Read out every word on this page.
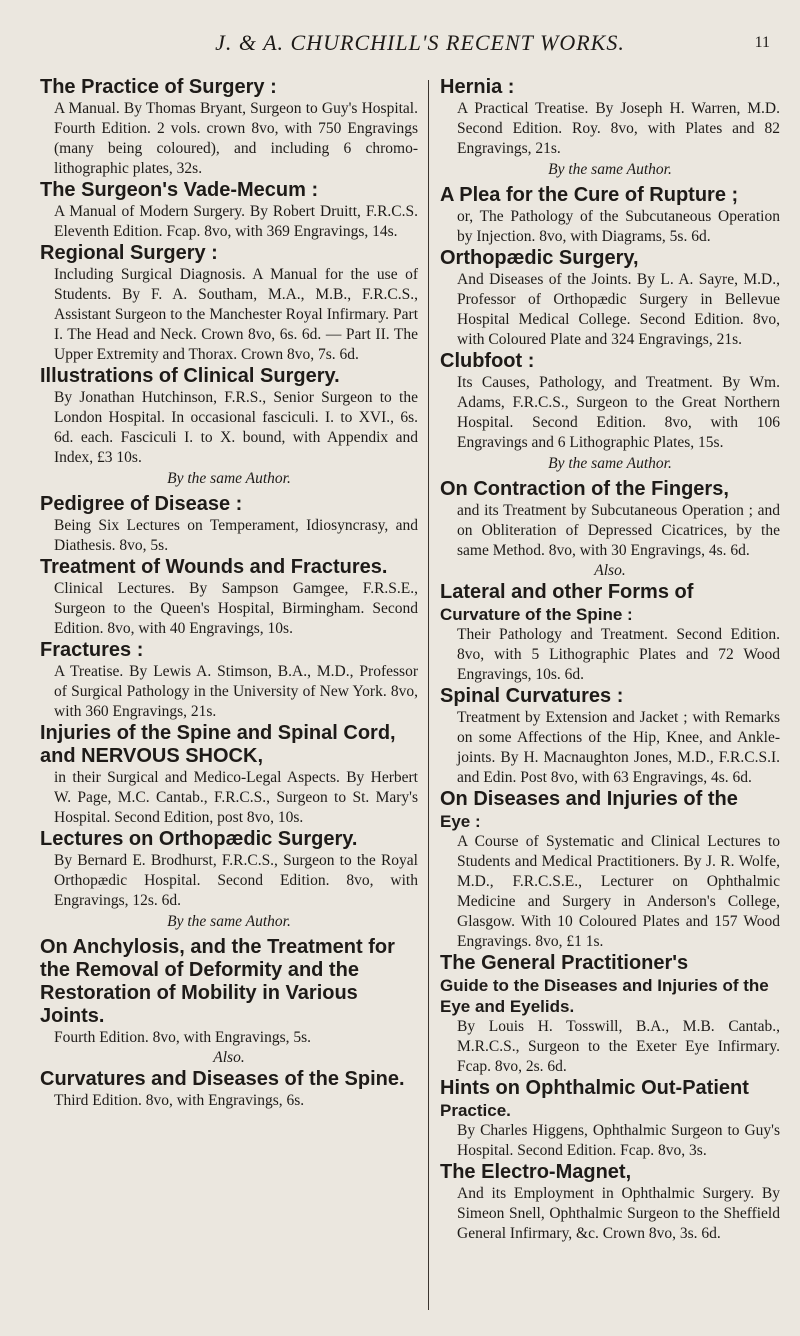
J. & A. CHURCHILL'S RECENT WORKS.	11
The Practice of Surgery :

A Manual. By Thomas Bryant, Surgeon to Guy's Hospital. Fourth Edition. 2 vols. crown 8vo, with 750 Engravings (many being coloured), and including 6 chromo-lithographic plates, 32s.

The Surgeon's Vade-Mecum :

A Manual of Modern Surgery. By Robert Druitt, F.R.C.S. Eleventh Edition. Fcap. 8vo, with 369 Engravings, 14s.

Regional Surgery :

Including Surgical Diagnosis. A Manual for the use of Students. By F. A. Southam, M.A., M.B., F.R.C.S., Assistant Surgeon to the Manchester Royal Infirmary. Part I. The Head and Neck. Crown 8vo, 6s. 6d. — Part II. The Upper Extremity and Thorax. Crown 8vo, 7s. 6d.

Illustrations of Clinical Surgery.

By Jonathan Hutchinson, F.R.S., Senior Surgeon to the London Hospital. In occasional fasciculi. I. to XVI., 6s. 6d. each. Fasciculi I. to X. bound, with Appendix and Index, £3 10s.

By the same Author.

Pedigree of Disease :

Being Six Lectures on Temperament, Idiosyncrasy, and Diathesis. 8vo, 5s.

Treatment of Wounds and Fractures.

Clinical Lectures. By Sampson Gamgee, F.R.S.E., Surgeon to the Queen's Hospital, Birmingham. Second Edition. 8vo, with 40 Engravings, 10s.

Fractures :

A Treatise. By Lewis A. Stimson, B.A., M.D., Professor of Surgical Pathology in the University of New York. 8vo, with 360 Engravings, 21s.

Injuries of the Spine and Spinal Cord, and NERVOUS SHOCK,

in their Surgical and Medico-Legal Aspects. By Herbert W. Page, M.C. Cantab., F.R.C.S., Surgeon to St. Mary's Hospital. Second Edition, post 8vo, 10s.

Lectures on Orthopædic Surgery.

By Bernard E. Brodhurst, F.R.C.S., Surgeon to the Royal Orthopædic Hospital. Second Edition. 8vo, with Engravings, 12s. 6d.

By the same Author.

On Anchylosis, and the Treatment for the Removal of Deformity and the Restoration of Mobility in Various Joints.

Fourth Edition. 8vo, with Engravings, 5s.

Also.

Curvatures and Diseases of the Spine.

Third Edition. 8vo, with Engravings, 6s.

Hernia :

A Practical Treatise. By Joseph H. Warren, M.D. Second Edition. Roy. 8vo, with Plates and 82 Engravings, 21s.

By the same Author.

A Plea for the Cure of Rupture ;

or, The Pathology of the Subcutaneous Operation by Injection. 8vo, with Diagrams, 5s. 6d.

Orthopædic Surgery,

And Diseases of the Joints. By L. A. Sayre, M.D., Professor of Orthopædic Surgery in Bellevue Hospital Medical College. Second Edition. 8vo, with Coloured Plate and 324 Engravings, 21s.

Clubfoot :

Its Causes, Pathology, and Treatment. By Wm. Adams, F.R.C.S., Surgeon to the Great Northern Hospital. Second Edition. 8vo, with 106 Engravings and 6 Lithographic Plates, 15s.

By the same Author.

On Contraction of the Fingers,

and its Treatment by Subcutaneous Operation ; and on Obliteration of Depressed Cicatrices, by the same Method. 8vo, with 30 Engravings, 4s. 6d.

Also.

Lateral and other Forms of
Curvature of the Spine :

Their Pathology and Treatment. Second Edition. 8vo, with 5 Lithographic Plates and 72 Wood Engravings, 10s. 6d.

Spinal Curvatures :

Treatment by Extension and Jacket ; with Remarks on some Affections of the Hip, Knee, and Ankle-joints. By H. Macnaughton Jones, M.D., F.R.C.S.I. and Edin. Post 8vo, with 63 Engravings, 4s. 6d.

On Diseases and Injuries of the
Eye :

A Course of Systematic and Clinical Lectures to Students and Medical Practitioners. By J. R. Wolfe, M.D., F.R.C.S.E., Lecturer on Ophthalmic Medicine and Surgery in Anderson's College, Glasgow. With 10 Coloured Plates and 157 Wood Engravings. 8vo, £1 1s.

The General Practitioner's
Guide to the Diseases and Injuries of the Eye and Eyelids.

By Louis H. Tosswill, B.A., M.B. Cantab., M.R.C.S., Surgeon to the Exeter Eye Infirmary. Fcap. 8vo, 2s. 6d.

Hints on Ophthalmic Out-Patient
Practice.

By Charles Higgens, Ophthalmic Surgeon to Guy's Hospital. Second Edition. Fcap. 8vo, 3s.

The Electro-Magnet,

And its Employment in Ophthalmic Surgery. By Simeon Snell, Ophthalmic Surgeon to the Sheffield General Infirmary, &c. Crown 8vo, 3s. 6d.
